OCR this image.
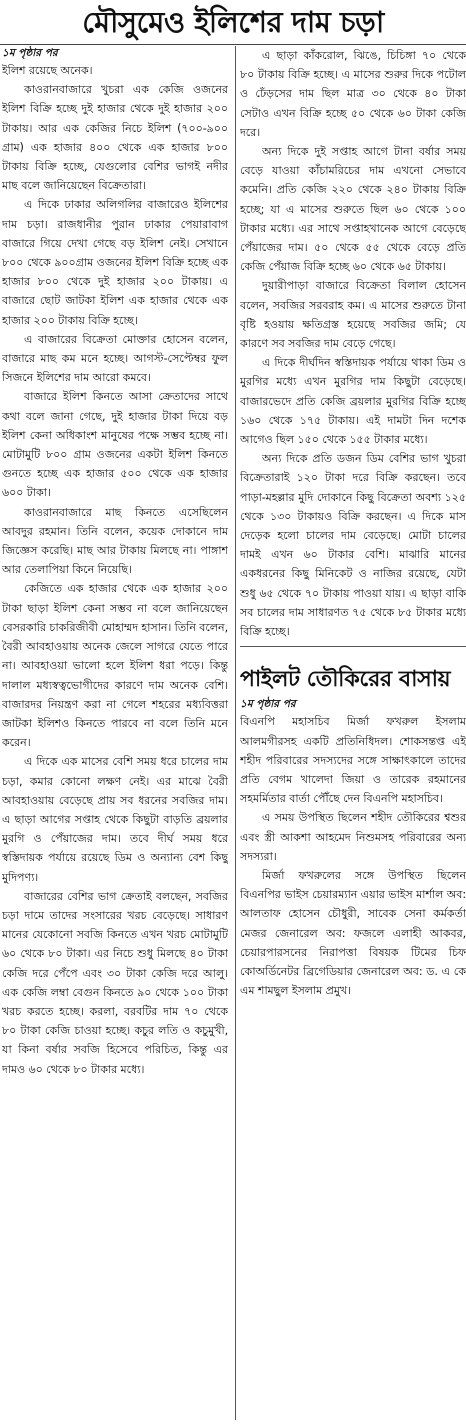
মৌসুমেও ইলিশের দাম চড়া
১ম পৃষ্ঠার পর

ইলিশ রয়েছে অনেক।

কাওরানবাজারে খুচরা এক কেজি ওজনের ইলিশ বিক্রি হচ্ছে দুই হাজার থেকে দুই হাজার ২০০ টাকায়। আর এক কেজির নিচে ইলিশ (৭০০-৯০০ গ্রাম) এক হাজার ৪০০ থেকে এক হাজার ৮০০ টাকায় বিক্রি হচ্ছে, যেগুলোর বেশির ভাগই নদীর মাছ বলে জানিয়েছেন বিক্রেতারা।

এ দিকে ঢাকার অলিগলির বাজারেও ইলিশের দাম চড়া। রাজধানীর পুরান ঢাকার পেয়ারাবাগ বাজারে গিয়ে দেখা গেছে বড় ইলিশ নেই। সেখানে ৮০০ থেকে ৯০০গ্রাম ওজনের ইলিশ বিক্রি হচ্ছে এক হাজার ৮০০ থেকে দুই হাজার ২০০ টাকায়। এ বাজারে ছোট জাটকা ইলিশ এক হাজার থেকে এক হাজার ২০০ টাকায় বিক্রি হচ্ছে।

এ বাজারের বিক্রেতা মোক্তার হোসেন বলেন, বাজারে মাছ কম মনে হচ্ছে। আগস্ট-সেপ্টেম্বর ফুল সিজনে ইলিশের দাম আরো কমবে।

বাজারে ইলিশ কিনতে আসা ক্রেতাদের সাথে কথা বলে জানা গেছে, দুই হাজার টাকা দিয়ে বড় ইলিশ কেনা অধিকাংশ মানুষের পক্ষে সম্ভব হচ্ছে না। মোটামুটি ৮০০ গ্রাম ওজনের একটা ইলিশ কিনতে গুনতে হচ্ছে এক হাজার ৫০০ থেকে এক হাজার ৬০০ টাকা।

কাওরানবাজারে মাছ কিনতে এসেছিলেন আবদুর রহমান। তিনি বলেন, কয়েক দোকানে দাম জিজ্ঞেস করেছি। মাছ আর টাকায় মিলছে না। পাঙ্গাশ আর তেলাপিয়া কিনে নিয়েছি।

কেজিতে এক হাজার থেকে এক হাজার ২০০ টাকা ছাড়া ইলিশ কেনা সম্ভব না বলে জানিয়েছেন বেসরকারি চাকরিজীবী মোহাম্মদ হাসান। তিনি বলেন, বৈরী আবহাওয়ায় অনেক জেলে সাগরে যেতে পারে না। আবহাওয়া ভালো হলে ইলিশ ধরা পড়ে। কিন্তু দালাল মধ্যস্বত্বভোগীদের কারণে দাম অনেক বেশি। বাজারদর নিয়ন্ত্রণ করা না গেলে শহরের মধ্যবিত্তরা জাটকা ইলিশও কিনতে পারবে না বলে তিনি মনে করেন।

এ দিকে এক মাসের বেশি সময় ধরে চালের দাম চড়া, কমার কোনো লক্ষণ নেই। এর মাঝে বৈরী আবহাওয়ায় বেড়েছে প্রায় সব ধরনের সবজির দাম। এ ছাড়া আগের সপ্তাহ থেকে কিছুটা বাড়তি ব্রয়লার মুরগি ও পেঁয়াজের দাম। তবে দীর্ঘ সময় ধরে স্বস্তিদায়ক পর্যায়ে রয়েছে ডিম ও অন্যান্য বেশ কিছু মুদিপণ্য।

বাজারের বেশির ভাগ ক্রেতাই বলছেন, সবজির চড়া দামে তাদের সংসারের খরচ বেড়েছে। সাধারণ মানের যেকোনো সবজি কিনতে এখন খরচ মোটামুটি ৬০ থেকে ৮০ টাকা। এর নিচে শুধু মিলছে ৪০ টাকা কেজি দরে পেঁপে এবং ৩০ টাকা কেজি দরে আলু। এক কেজি লম্বা বেগুন কিনতে ৯০ থেকে ১০০ টাকা খরচ করতে হচ্ছে। করলা, বরবটির দাম ৭০ থেকে ৮০ টাকা কেজি চাওয়া হচ্ছে। কচুর লতি ও কচুমুখী, যা কিনা বর্ষার সবজি হিসেবে পরিচিত, কিন্তু এর দামও ৬০ থেকে ৮০ টাকার মধ্যে।

এ ছাড়া কাঁকরোল, ঝিঙে, চিচিঙ্গা ৭০ থেকে ৮০ টাকায় বিক্রি হচ্ছে। এ মাসের শুরুর দিকে পটোল ও ঢেঁড়সের দাম ছিল মাত্র ৩০ থেকে ৪০ টাকা সেটাও এখন বিক্রি হচ্ছে ৫০ থেকে ৬০ টাকা কেজি দরে।

অন্য দিকে দুই সপ্তাহ আগে টানা বর্ষার সময় বেড়ে যাওয়া কাঁচামরিচের দাম এখনো সেভাবে কমেনি। প্রতি কেজি ২২০ থেকে ২৪০ টাকায় বিক্রি হচ্ছে; যা এ মাসের শুরুতে ছিল ৬০ থেকে ১০০ টাকার মধ্যে। এর সাথে সপ্তাহখানেক আগে বেড়েছে পেঁয়াজের দাম। ৫০ থেকে ৫৫ থেকে বেড়ে প্রতি কেজি পেঁয়াজ বিক্রি হচ্ছে ৬০ থেকে ৬৫ টাকায়।

দুয়ারীপাড়া বাজারে বিক্রেতা বিলাল হোসেন বলেন, সবজির সরবরাহ কম। এ মাসের শুরুতে টানা বৃষ্টি হওয়ায় ক্ষতিগ্রস্ত হয়েছে সবজির জমি; যে কারণে সব সবজির দাম বেড়ে গেছে।

এ দিকে দীর্ঘদিন স্বস্তিদায়ক পর্যায়ে থাকা ডিম ও মুরগির মধ্যে এখন মুরগির দাম কিছুটা বেড়েছে। বাজারভেদে প্রতি কেজি ব্রয়লার মুরগির বিক্রি হচ্ছে ১৬০ থেকে ১৭৫ টাকায়। এই দামটা দিন দশেক আগেও ছিল ১৫০ থেকে ১৫৫ টাকার মধ্যে।

অন্য দিকে প্রতি ডজন ডিম বেশির ভাগ খুচরা বিক্রেতারাই ১২০ টাকা দরে বিক্রি করছেন। তবে পাড়া-মহল্লার মুদি দোকানে কিছু বিক্রেতা অবশ্য ১২৫ থেকে ১৩০ টাকায়ও বিক্রি করছেন। এ দিকে মাস দেড়েক হলো চালের দাম বেড়েছে। মোটা চালের দামই এখন ৬০ টাকার বেশি। মাঝারি মানের একধরনের কিছু মিনিকেট ও নাজির রয়েছে, যেটা শুধু ৬৫ থেকে ৭০ টাকায় পাওয়া যায়। এ ছাড়া বাকি সব চালের দাম সাধারণত ৭৫ থেকে ৮৫ টাকার মধ্যে বিক্রি হচ্ছে।

পাইলট তৌকিরের বাসায়
১ম পৃষ্ঠার পর

বিএনপি মহাসচিব মির্জা ফখরুল ইসলাম আলমগীরসহ একটি প্রতিনিধিদল। শোকসন্তপ্ত এই শহীদ পরিবারের সদস্যদের সঙ্গে সাক্ষাৎকালে তাদের প্রতি বেগম খালেদা জিয়া ও তারেক রহমানের সহমর্মিতার বার্তা পৌঁছে দেন বিএনপি মহাসচিব।

এ সময় উপস্থিত ছিলেন শহীদ তৌকিরের শ্বশুর এবং স্ত্রী আকশা আহমেদ নিশুমসহ পরিবারের অন্য সদস্যরা।

মির্জা ফখরুলের সঙ্গে উপস্থিত ছিলেন বিএনপির ভাইস চেয়ারম্যান এয়ার ভাইস মার্শাল অব: আলতাফ হোসেন চৌধুরী, সাবেক সেনা কর্মকর্তা মেজর জেনারেল অব: ফজলে এলাহী আকবর, চেয়ারপারসনের নিরাপত্তা বিষয়ক টিমের চিফ কোঅর্ডিনেটর ব্রিগেডিয়ার জেনারেল অব: ড. এ কে এম শামছুল ইসলাম প্রমুখ।
